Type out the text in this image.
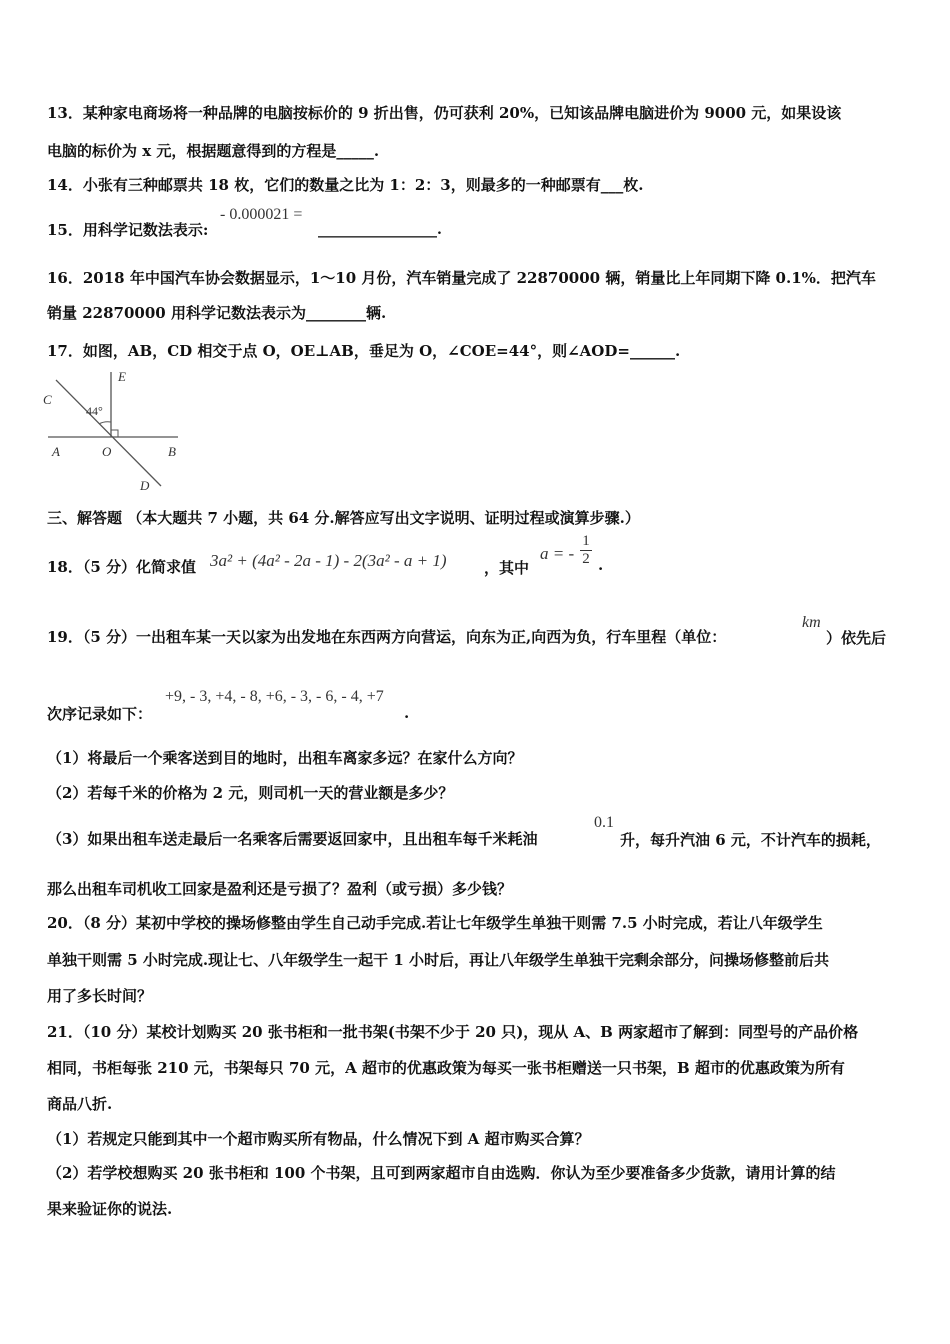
13．某种家电商场将一种品牌的电脑按标价的 9 折出售，仍可获利 20%，已知该品牌电脑进价为 9000 元，如果设该
电脑的标价为 x 元，根据题意得到的方程是_____.
14．小张有三种邮票共 18 枚，它们的数量之比为 1：2：3，则最多的一种邮票有___枚.
15．用科学记数法表示:
- 0.000021 =
_________________.
16．2018 年中国汽车协会数据显示，1～10 月份，汽车销量完成了 22870000 辆，销量比上年同期下降 0.1%．把汽车
销量 22870000 用科学记数法表示为________辆.
17．如图，AB，CD 相交于点 O，OE⊥AB，垂足为 O，∠COE=44°，则∠AOD=______.
E
C
44°
A	O	B
D
三、解答题 （本大题共 7 小题，共 64 分.解答应写出文字说明、证明过程或演算步骤.）
18．（5 分）化简求值 3a² + (4a² - 2a - 1) - 2(3a² - a + 1) ，其中
a = -
1
2 .
19．（5 分）一出租车某一天以家为出发地在东西两方向营运，向东为正,向西为负，行车里程（单位：
km
）依先后
次序记录如下：
+9, - 3, +4, - 8, +6, - 3, - 6, - 4, +7
.
（1）将最后一个乘客送到目的地时，出租车离家多远？在家什么方向？
（2）若每千米的价格为 2 元，则司机一天的营业额是多少？
（3）如果出租车送走最后一名乘客后需要返回家中，且出租车每千米耗油
0.1
升，每升汽油 6 元，不计汽车的损耗，
那么出租车司机收工回家是盈利还是亏损了？盈利（或亏损）多少钱？
20．（8 分）某初中学校的操场修整由学生自己动手完成.若让七年级学生单独干则需 7.5 小时完成，若让八年级学生
单独干则需 5 小时完成.现让七、八年级学生一起干 1 小时后，再让八年级学生单独干完剩余部分，问操场修整前后共
用了多长时间？
21．（10 分）某校计划购买 20 张书柜和一批书架(书架不少于 20 只)，现从 A、B 两家超市了解到：同型号的产品价格
相同，书柜每张 210 元，书架每只 70 元，A 超市的优惠政策为每买一张书柜赠送一只书架，B 超市的优惠政策为所有
商品八折.
（1）若规定只能到其中一个超市购买所有物品，什么情况下到 A 超市购买合算？
（2）若学校想购买 20 张书柜和 100 个书架，且可到两家超市自由选购．你认为至少要准备多少货款，请用计算的结
果来验证你的说法.
